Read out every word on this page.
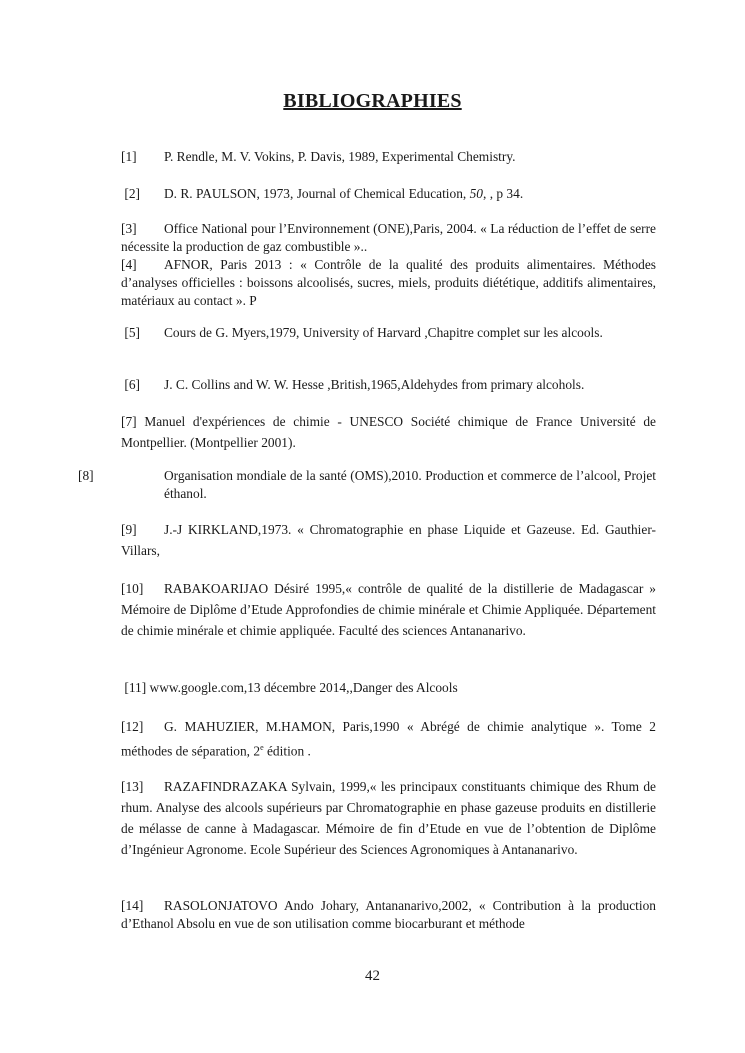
BIBLIOGRAPHIES
[1] P. Rendle, M. V. Vokins, P. Davis, 1989, Experimental Chemistry.
[2] D. R. PAULSON, 1973, Journal of Chemical Education, 50, , p 34.
[3] Office National pour l’Environnement (ONE),Paris, 2004. « La réduction de l’effet de serre nécessite la production de gaz combustible »..
[4] AFNOR, Paris 2013 : « Contrôle de la qualité des produits alimentaires. Méthodes d’analyses officielles : boissons alcoolisés, sucres, miels, produits diététique, additifs alimentaires, matériaux au contact ». P
[5] Cours de G. Myers,1979, University of Harvard ,Chapitre complet sur les alcools.
[6] J. C. Collins and W. W. Hesse ,British,1965,Aldehydes from primary alcohols.
[7] Manuel d'expériences de chimie - UNESCO Société chimique de France Université de Montpellier. (Montpellier 2001).
[8]	Organisation mondiale de la santé (OMS),2010. Production et commerce de l’alcool, Projet éthanol.
[9] J.-J KIRKLAND,1973. « Chromatographie en phase Liquide et Gazeuse. Ed. Gauthier- Villars,
[10] RABAKOARIJAO Désiré 1995,« contrôle de qualité de la distillerie de Madagascar » Mémoire de Diplôme d’Etude Approfondies de chimie minérale et Chimie Appliquée. Département de chimie minérale et chimie appliquée. Faculté des sciences Antananarivo.
[11] www.google.com,13 décembre 2014,,Danger des Alcools
[12] G. MAHUZIER, M.HAMON, Paris,1990 « Abrégé de chimie analytique ». Tome 2 méthodes de séparation, 2e édition .
[13] RAZAFINDRAZAKA Sylvain, 1999,« les principaux constituants chimique des Rhum de rhum. Analyse des alcools supérieurs par Chromatographie en phase gazeuse produits en distillerie de mélasse de canne à Madagascar. Mémoire de fin d’Etude en vue de l’obtention de Diplôme d’Ingénieur Agronome. Ecole Supérieur des Sciences Agronomiques à Antananarivo.
[14] RASOLONJATOVO Ando Johary, Antananarivo,2002, « Contribution à la production d’Ethanol Absolu en vue de son utilisation comme biocarburant et méthode
42
